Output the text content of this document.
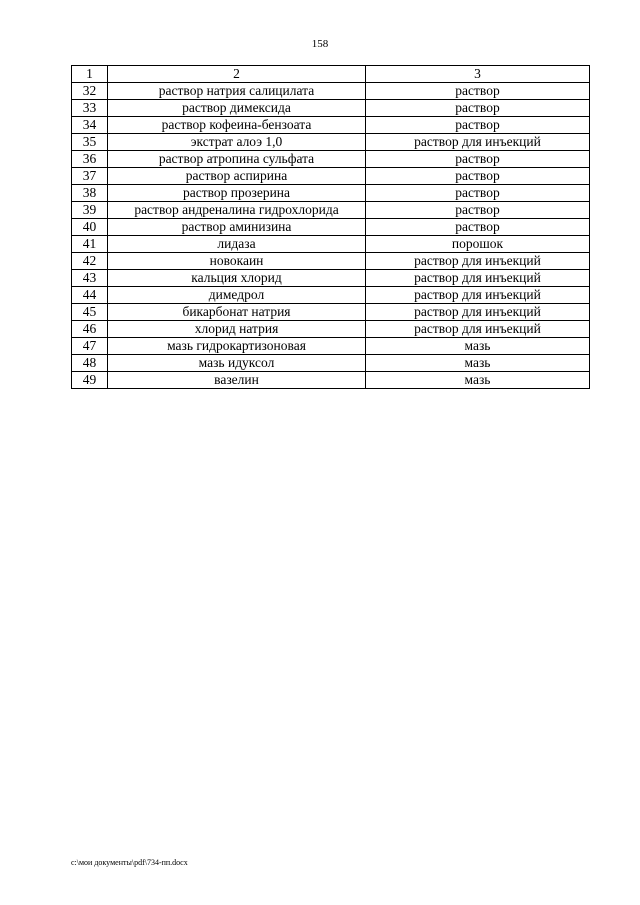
158
1	2	3
32	раствор натрия салицилата	раствор
33	раствор димексида	раствор
34	раствор кофеина-бензоата	раствор
35	экстрат алоэ 1,0	раствор для инъекций
36	раствор атропина сульфата	раствор
37	раствор аспирина	раствор
38	раствор прозерина	раствор
39	раствор андреналина гидрохлорида	раствор
40	раствор аминизина	раствор
41	лидаза	порошок
42	новокаин	раствор для инъекций
43	кальция хлорид	раствор для инъекций
44	димедрол	раствор для инъекций
45	бикарбонат натрия	раствор для инъекций
46	хлорид натрия	раствор для инъекций
47	мазь гидрокартизоновая	мазь
48	мазь идуксол	мазь
49	вазелин	мазь
c:\мои документы\pdf\734-пп.docx
